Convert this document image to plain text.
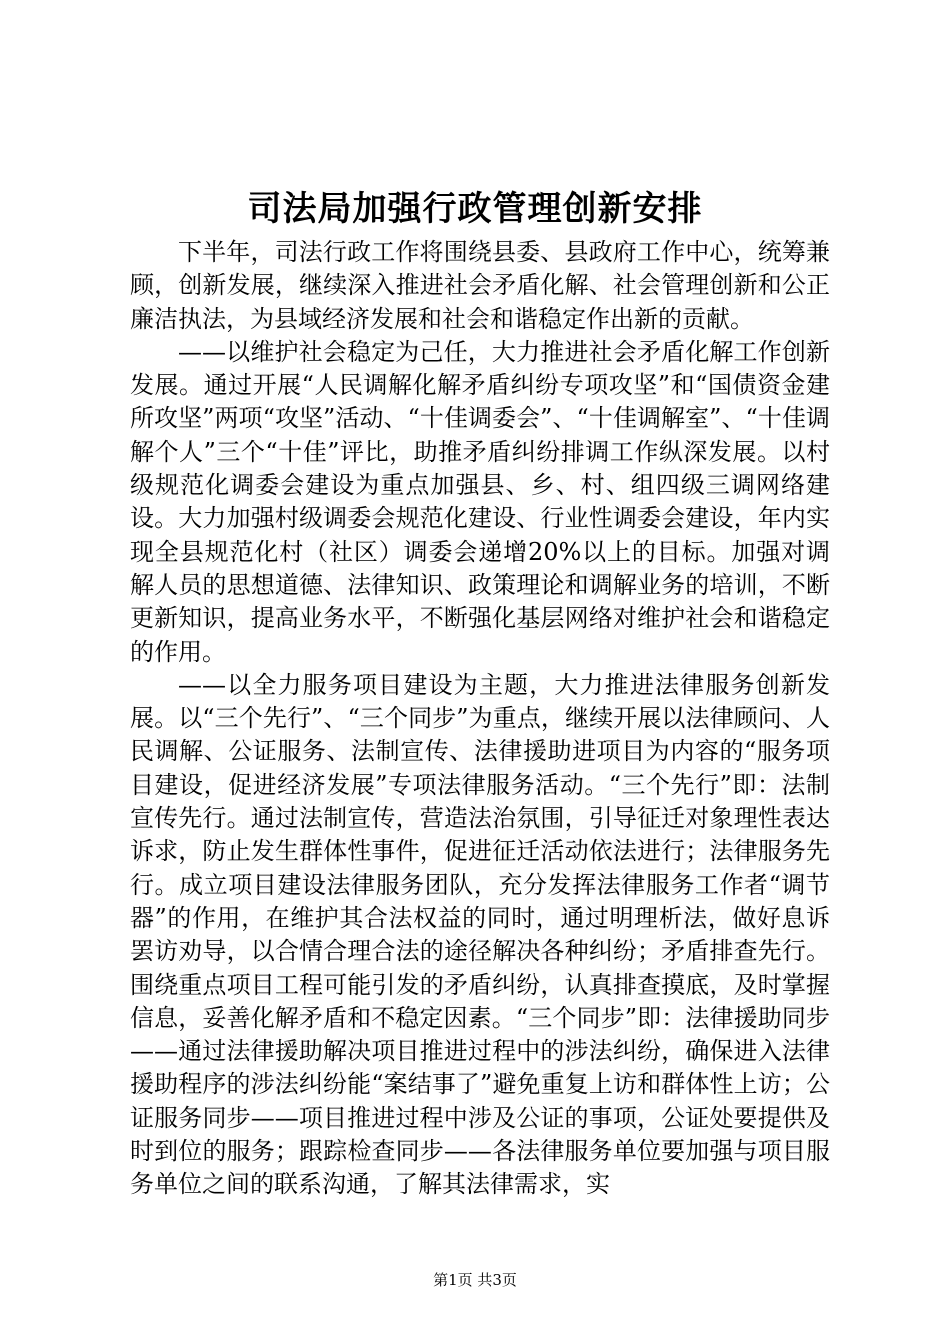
司法局加强行政管理创新安排

下半年，司法行政工作将围绕县委、县政府工作中心，统筹兼顾，创新发展，继续深入推进社会矛盾化解、社会管理创新和公正廉洁执法，为县域经济发展和社会和谐稳定作出新的贡献。

——以维护社会稳定为己任，大力推进社会矛盾化解工作创新发展。通过开展“人民调解化解矛盾纠纷专项攻坚”和“国债资金建所攻坚”两项“攻坚”活动、“十佳调委会”、“十佳调解室”、“十佳调解个人”三个“十佳”评比，助推矛盾纠纷排调工作纵深发展。以村级规范化调委会建设为重点加强县、乡、村、组四级三调网络建设。大力加强村级调委会规范化建设、行业性调委会建设，年内实现全县规范化村（社区）调委会递增20%以上的目标。加强对调解人员的思想道德、法律知识、政策理论和调解业务的培训，不断更新知识，提高业务水平，不断强化基层网络对维护社会和谐稳定的作用。

——以全力服务项目建设为主题，大力推进法律服务创新发展。以“三个先行”、“三个同步”为重点，继续开展以法律顾问、人民调解、公证服务、法制宣传、法律援助进项目为内容的“服务项目建设，促进经济发展”专项法律服务活动。“三个先行”即：法制宣传先行。通过法制宣传，营造法治氛围，引导征迁对象理性表达诉求，防止发生群体性事件，促进征迁活动依法进行；法律服务先行。成立项目建设法律服务团队，充分发挥法律服务工作者“调节器”的作用，在维护其合法权益的同时，通过明理析法，做好息诉罢访劝导，以合情合理合法的途径解决各种纠纷；矛盾排查先行。围绕重点项目工程可能引发的矛盾纠纷，认真排查摸底，及时掌握信息，妥善化解矛盾和不稳定因素。“三个同步”即：法律援助同步——通过法律援助解决项目推进过程中的涉法纠纷，确保进入法律援助程序的涉法纠纷能“案结事了”避免重复上访和群体性上访；公证服务同步——项目推进过程中涉及公证的事项，公证处要提供及时到位的服务；跟踪检查同步——各法律服务单位要加强与项目服务单位之间的联系沟通，了解其法律需求，实

第1页 共3页
